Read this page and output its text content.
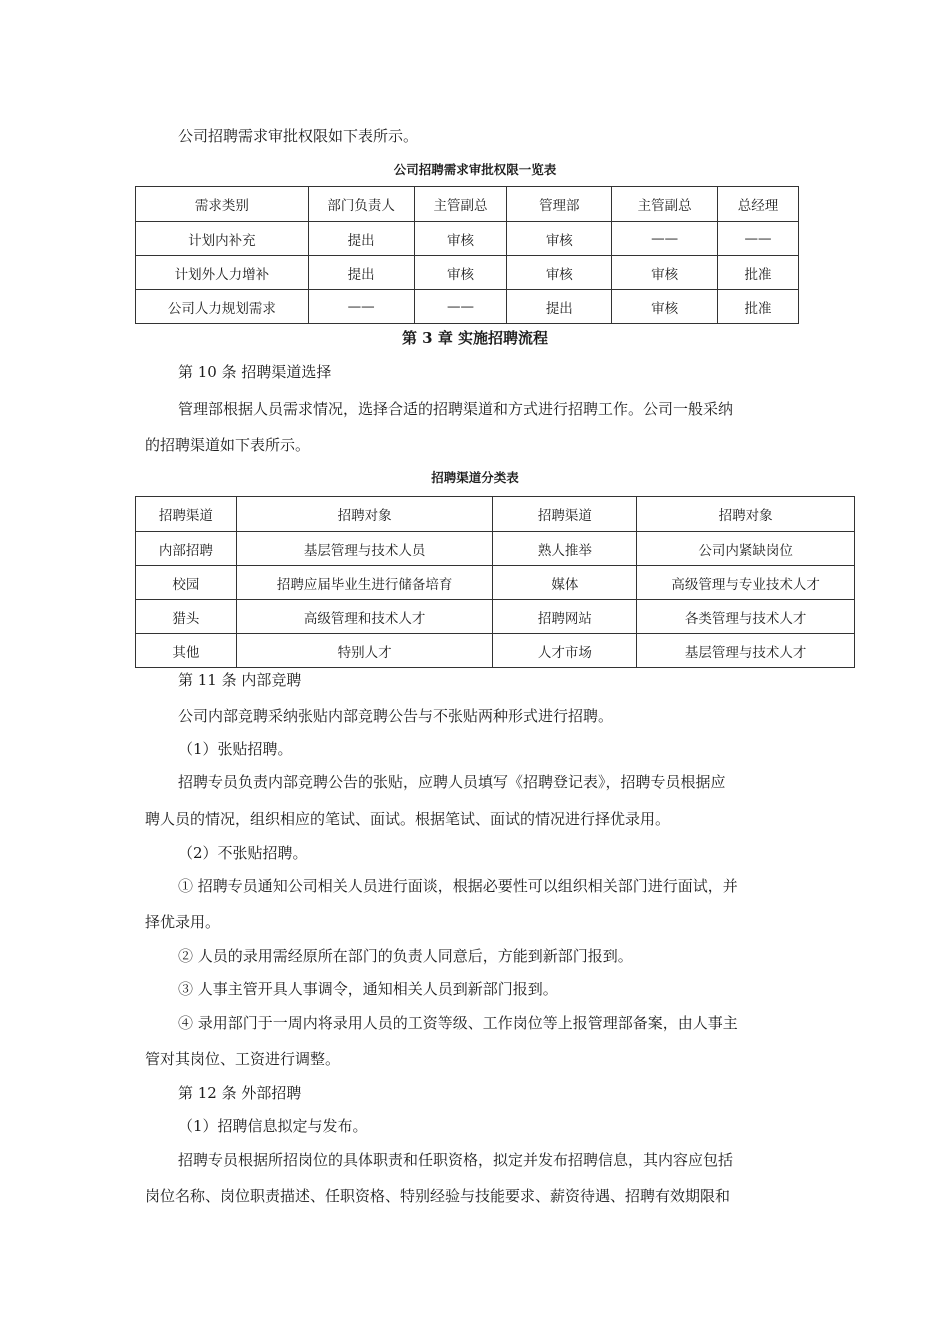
公司招聘需求审批权限如下表所示。
公司招聘需求审批权限一览表
需求类别	部门负责人	主管副总	管理部	主管副总	总经理
计划内补充	提出	审核	审核	——	——
计划外人力增补	提出	审核	审核	审核	批准
公司人力规划需求	——	——	提出	审核	批准
第 3 章 实施招聘流程
第 10 条 招聘渠道选择
管理部根据人员需求情况，选择合适的招聘渠道和方式进行招聘工作。公司一般采纳
的招聘渠道如下表所示。
招聘渠道分类表
招聘渠道	招聘对象	招聘渠道	招聘对象
内部招聘	基层管理与技术人员	熟人推举	公司内紧缺岗位
校园	招聘应届毕业生进行储备培育	媒体	高级管理与专业技术人才
猎头	高级管理和技术人才	招聘网站	各类管理与技术人才
其他	特别人才	人才市场	基层管理与技术人才
第 11 条 内部竞聘
公司内部竞聘采纳张贴内部竞聘公告与不张贴两种形式进行招聘。
（1）张贴招聘。
招聘专员负责内部竞聘公告的张贴，应聘人员填写《招聘登记表》，招聘专员根据应
聘人员的情况，组织相应的笔试、面试。根据笔试、面试的情况进行择优录用。
（2）不张贴招聘。
① 招聘专员通知公司相关人员进行面谈，根据必要性可以组织相关部门进行面试，并
择优录用。
② 人员的录用需经原所在部门的负责人同意后，方能到新部门报到。
③ 人事主管开具人事调令，通知相关人员到新部门报到。
④ 录用部门于一周内将录用人员的工资等级、工作岗位等上报管理部备案，由人事主
管对其岗位、工资进行调整。
第 12 条 外部招聘
（1）招聘信息拟定与发布。
招聘专员根据所招岗位的具体职责和任职资格，拟定并发布招聘信息，其内容应包括
岗位名称、岗位职责描述、任职资格、特别经验与技能要求、薪资待遇、招聘有效期限和
